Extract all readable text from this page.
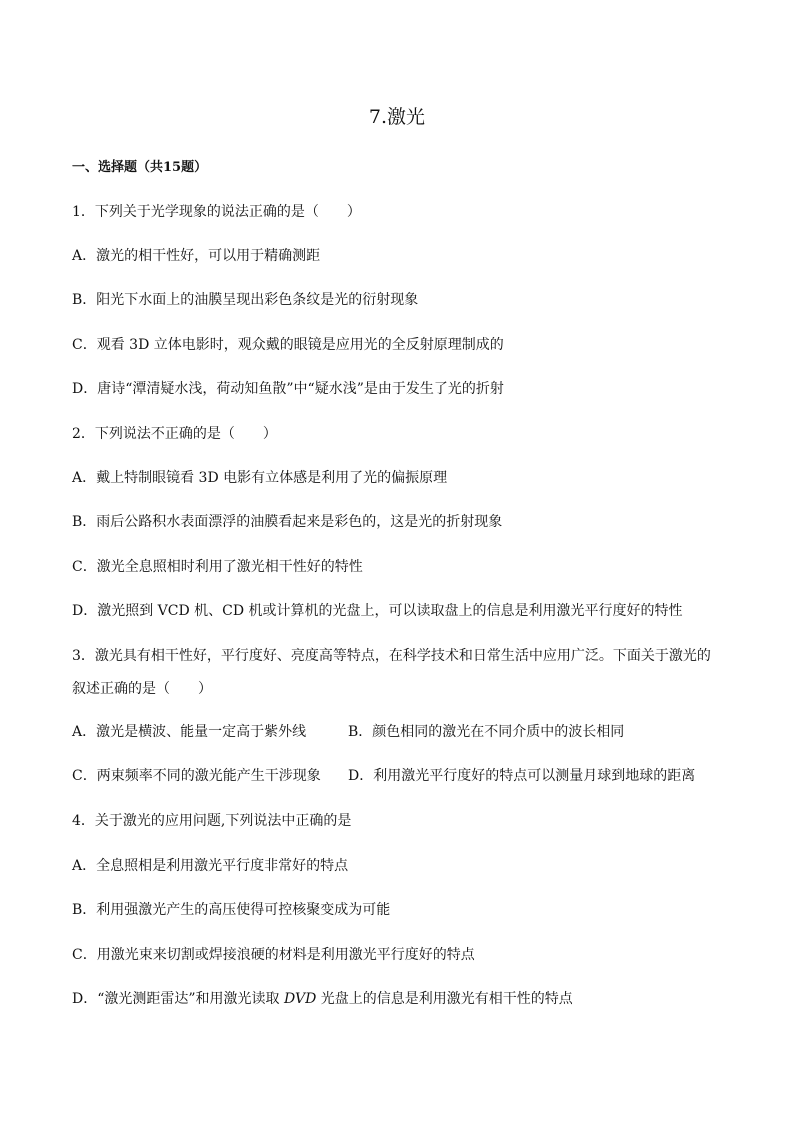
7.激光
一、选择题（共15题）
1．下列关于光学现象的说法正确的是（　　）
A．激光的相干性好，可以用于精确测距
B．阳光下水面上的油膜呈现出彩色条纹是光的衍射现象
C．观看 3D 立体电影时，观众戴的眼镜是应用光的全反射原理制成的
D．唐诗“潭清疑水浅，荷动知鱼散”中“疑水浅”是由于发生了光的折射
2．下列说法不正确的是（　　）
A．戴上特制眼镜看 3D 电影有立体感是利用了光的偏振原理
B．雨后公路积水表面漂浮的油膜看起来是彩色的，这是光的折射现象
C．激光全息照相时利用了激光相干性好的特性
D．激光照到 VCD 机、CD 机或计算机的光盘上，可以读取盘上的信息是利用激光平行度好的特性
3．激光具有相干性好，平行度好、亮度高等特点，在科学技术和日常生活中应用广泛。下面关于激光的
叙述正确的是（　　）
A．激光是横波、能量一定高于紫外线	B．颜色相同的激光在不同介质中的波长相同
C．两束频率不同的激光能产生干涉现象 D．利用激光平行度好的特点可以测量月球到地球的距离
4．关于激光的应用问题,下列说法中正确的是
A．全息照相是利用激光平行度非常好的特点
B．利用强激光产生的高压使得可控核聚变成为可能
C．用激光束来切割或焊接浪硬的材料是利用激光平行度好的特点
D．“激光测距雷达”和用激光读取 DVD 光盘上的信息是利用激光有相干性的特点
